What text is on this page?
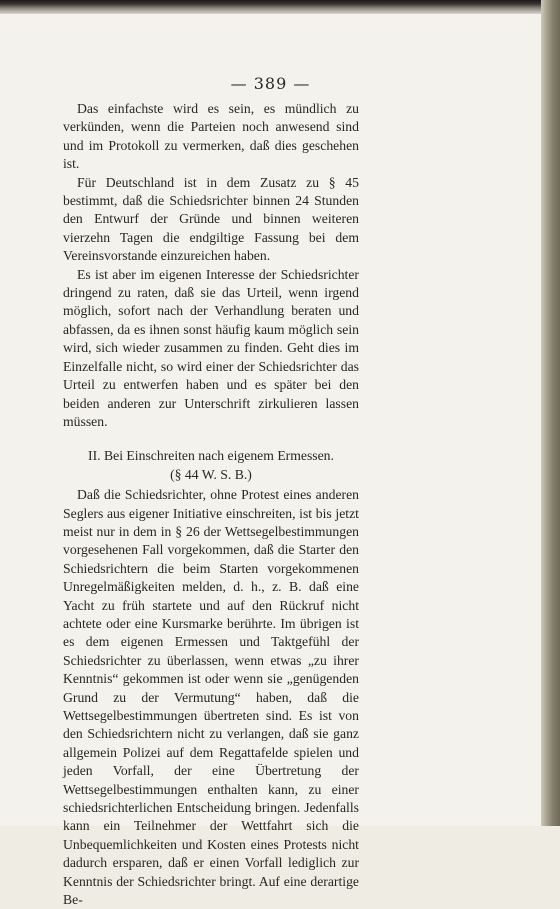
— 389 —

Das einfachste wird es sein, es mündlich zu verkünden, wenn die Parteien noch anwesend sind und im Protokoll zu vermerken, daß dies geschehen ist.

Für Deutschland ist in dem Zusatz zu § 45 bestimmt, daß die Schiedsrichter binnen 24 Stunden den Entwurf der Gründe und binnen weiteren vierzehn Tagen die endgiltige Fassung bei dem Vereinsvorstande einzureichen haben.

Es ist aber im eigenen Interesse der Schiedsrichter dringend zu raten, daß sie das Urteil, wenn irgend möglich, sofort nach der Verhandlung beraten und abfassen, da es ihnen sonst häufig kaum möglich sein wird, sich wieder zusammen zu finden. Geht dies im Einzelfalle nicht, so wird einer der Schiedsrichter das Urteil zu entwerfen haben und es später bei den beiden anderen zur Unterschrift zirkulieren lassen müssen.

II. Bei Einschreiten nach eigenem Ermessen.
(§ 44 W. S. B.)

Daß die Schiedsrichter, ohne Protest eines anderen Seglers aus eigener Initiative einschreiten, ist bis jetzt meist nur in dem in § 26 der Wettsegelbestimmungen vorgesehenen Fall vorgekommen, daß die Starter den Schiedsrichtern die beim Starten vorgekommenen Unregelmäßigkeiten melden, d. h., z. B. daß eine Yacht zu früh startete und auf den Rückruf nicht achtete oder eine Kursmarke berührte. Im übrigen ist es dem eigenen Ermessen und Taktgefühl der Schiedsrichter zu überlassen, wenn etwas „zu ihrer Kenntnis“ gekommen ist oder wenn sie „genügenden Grund zu der Vermutung“ haben, daß die Wettsegelbestimmungen übertreten sind. Es ist von den Schiedsrichtern nicht zu verlangen, daß sie ganz allgemein Polizei auf dem Regattafelde spielen und jeden Vorfall, der eine Übertretung der Wettsegelbestimmungen enthalten kann, zu einer schiedsrichterlichen Entscheidung bringen. Jedenfalls kann ein Teilnehmer der Wettfahrt sich die Unbequemlichkeiten und Kosten eines Protests nicht dadurch ersparen, daß er einen Vorfall lediglich zur Kenntnis der Schiedsrichter bringt. Auf eine derartige Be-
